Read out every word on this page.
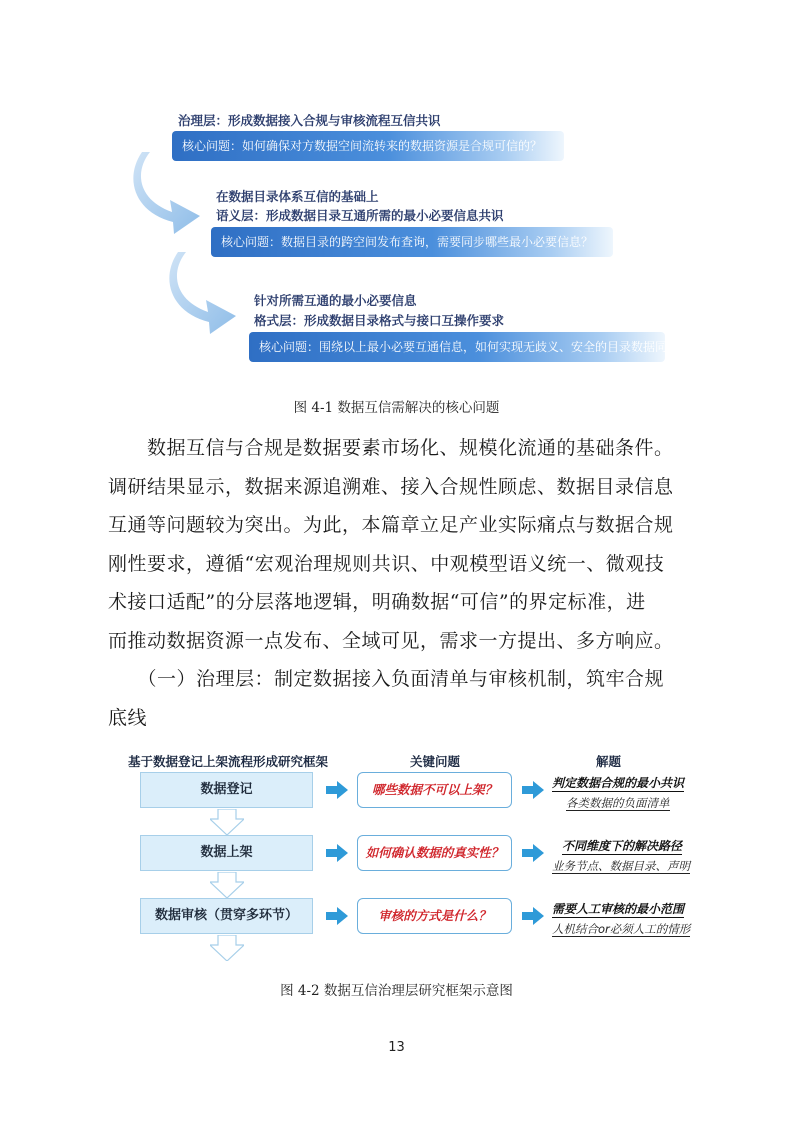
治理层：形成数据接入合规与审核流程互信共识
核心问题：如何确保对方数据空间流转来的数据资源是合规可信的？
在数据目录体系互信的基础上
语义层：形成数据目录互通所需的最小必要信息共识
核心问题：数据目录的跨空间发布查询，需要同步哪些最小必要信息？
针对所需互通的最小必要信息
格式层：形成数据目录格式与接口互操作要求
核心问题：围绕以上最小必要互通信息，如何实现无歧义、安全的目录数据同步？
图 4-1 数据互信需解决的核心问题

　　数据互信与合规是数据要素市场化、规模化流通的基础条件。

调研结果显示，数据来源追溯难、接入合规性顾虑、数据目录信息

互通等问题较为突出。为此，本篇章立足产业实际痛点与数据合规

刚性要求，遵循“宏观治理规则共识、中观模型语义统一、微观技

术接口适配”的分层落地逻辑，明确数据“可信”的界定标准，进

而推动数据资源一点发布、全域可见，需求一方提出、多方响应。

　　（一）治理层：制定数据接入负面清单与审核机制，筑牢合规

底线

基于数据登记上架流程形成研究框架	关键问题	解题
数据登记	哪些数据不可以上架？	判定数据合规的最小共识
各类数据的负面清单
数据上架	如何确认数据的真实性？	不同维度下的解决路径
业务节点、数据目录、声明
数据审核（贯穿多环节）	审核的方式是什么？	需要人工审核的最小范围
人机结合or必须人工的情形
图 4-2 数据互信治理层研究框架示意图
13
